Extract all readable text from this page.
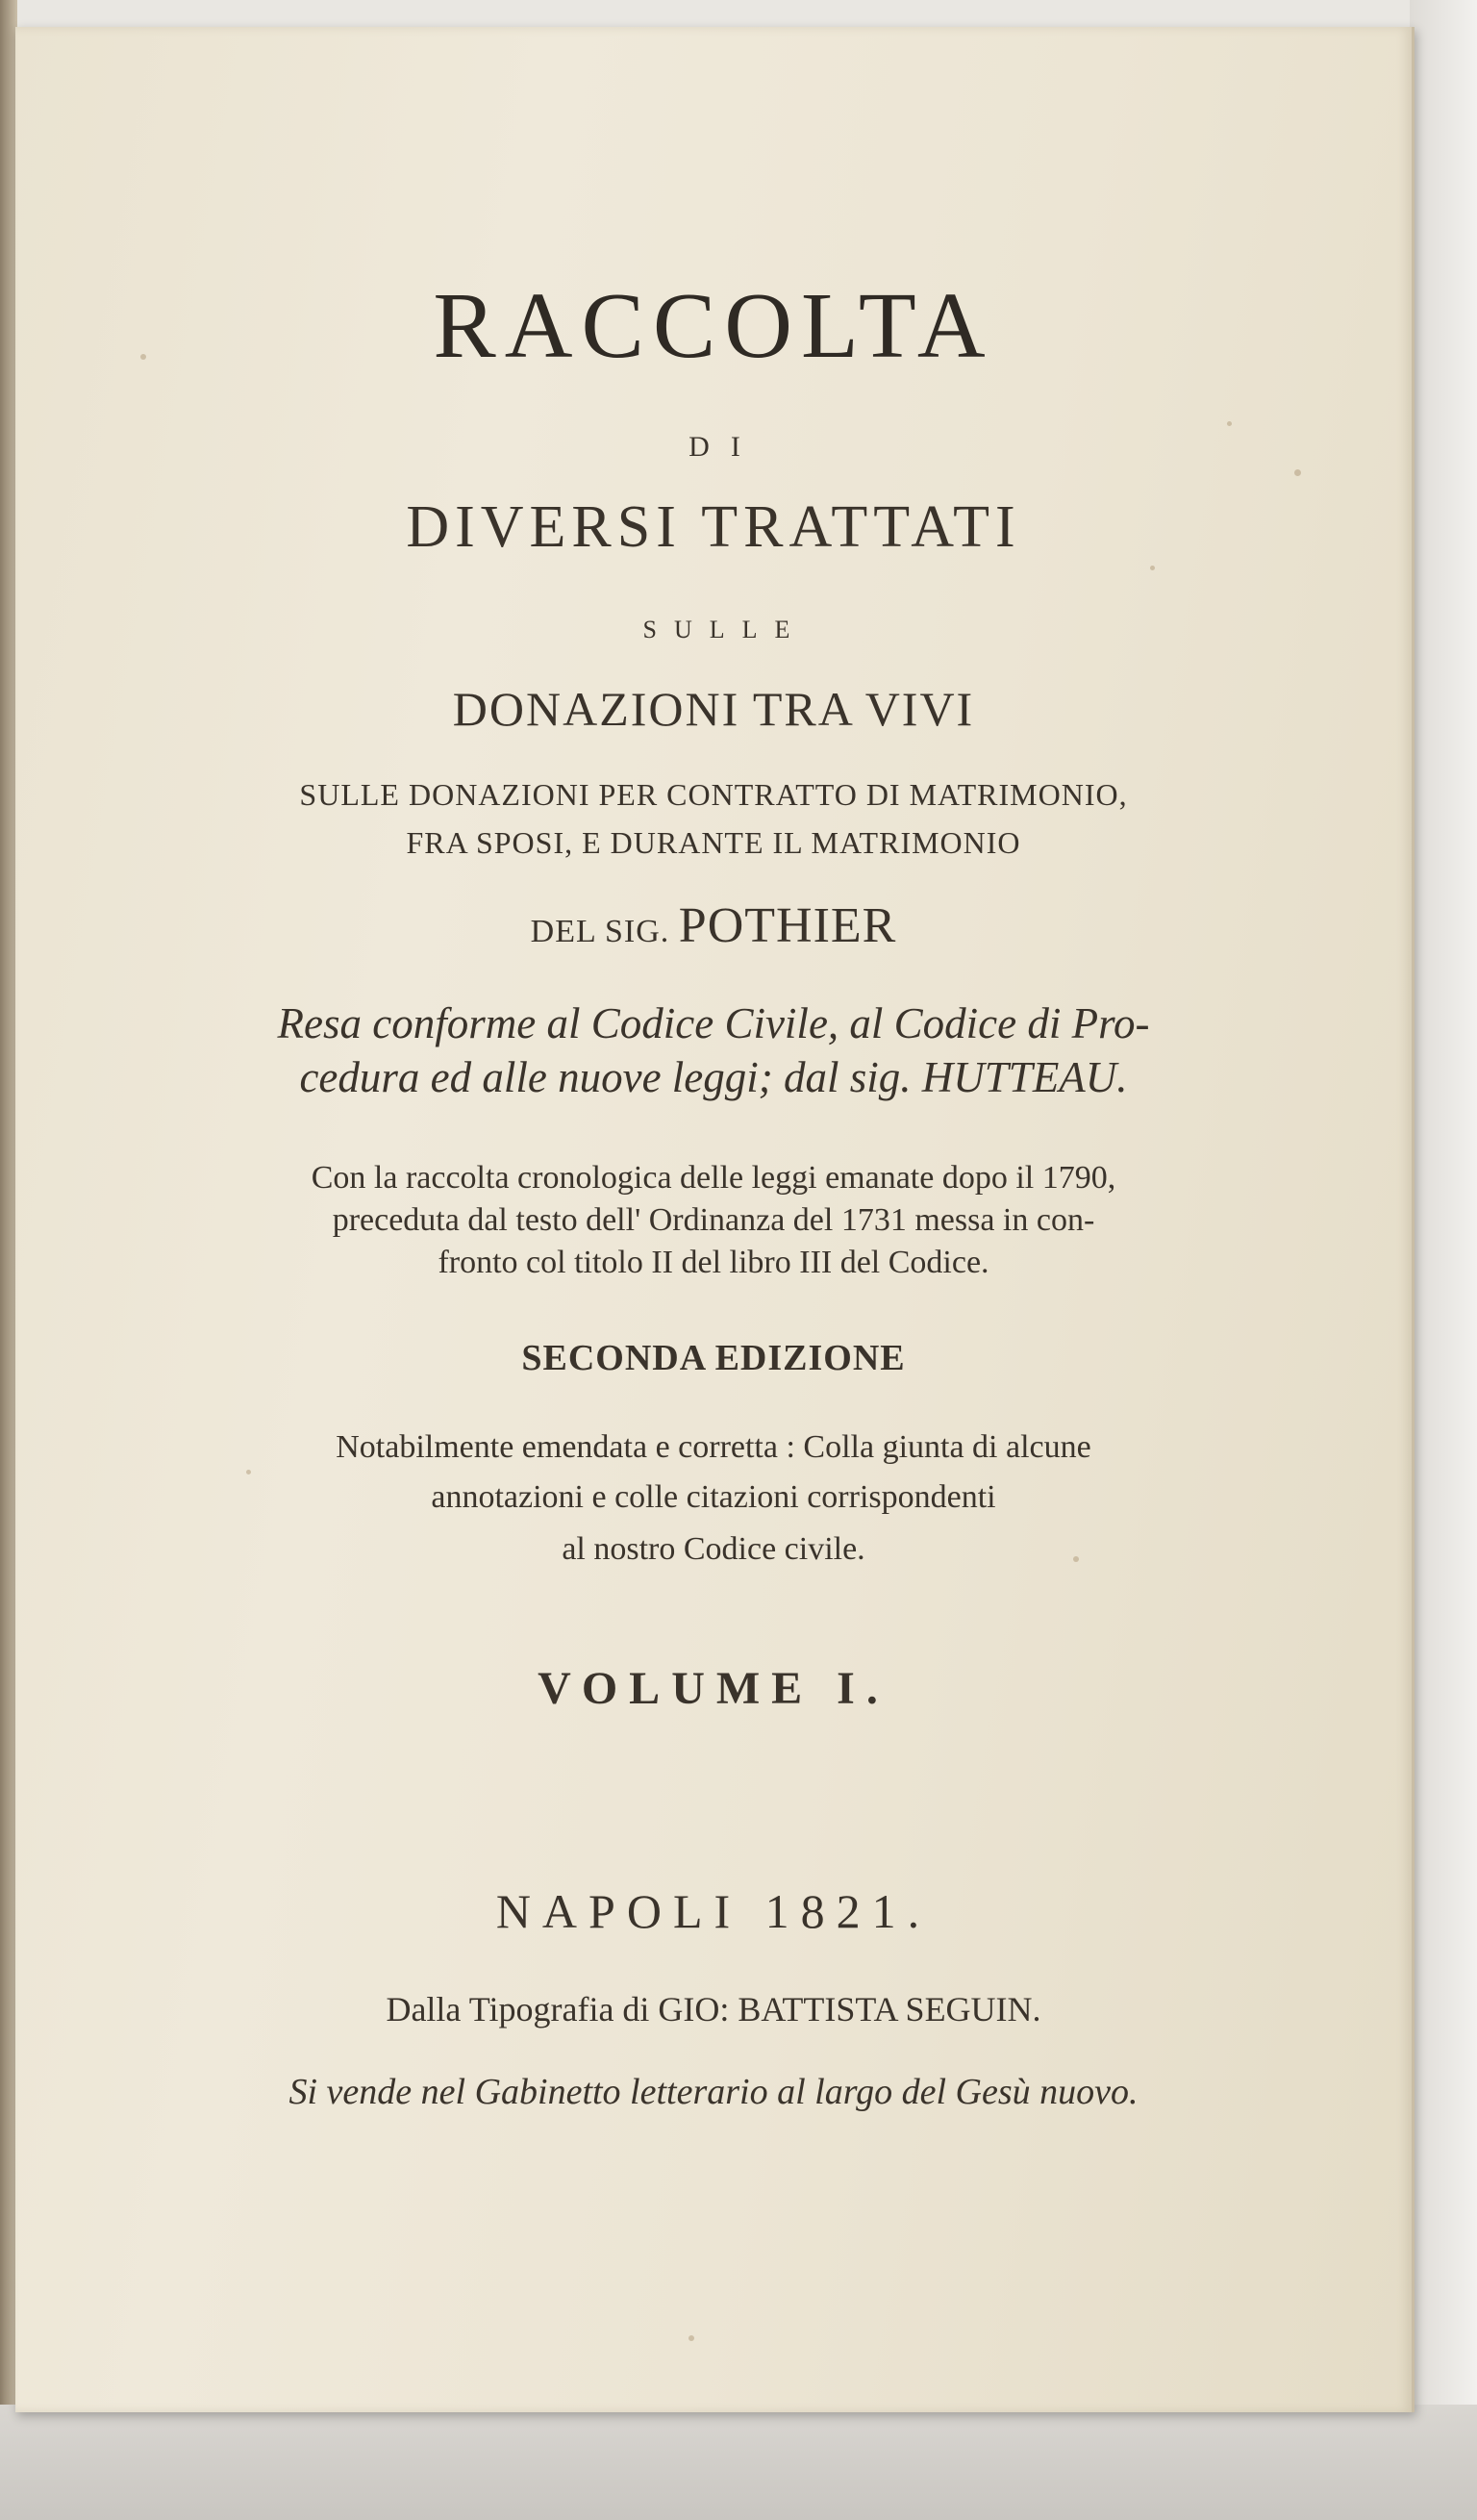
RACCOLTA
DI
DIVERSI TRATTATI
SULLE
DONAZIONI TRA VIVI
SULLE DONAZIONI PER CONTRATTO DI MATRIMONIO,
FRA SPOSI, E DURANTE IL MATRIMONIO
DEL SIG. POTHIER
Resa conforme al Codice Civile, al Codice di Pro-
cedura ed alle nuove leggi; dal sig. HUTTEAU.
Con la raccolta cronologica delle leggi emanate dopo il 1790,
preceduta dal testo dell' Ordinanza del 1731 messa in con-
fronto col titolo II del libro III del Codice.
SECONDA EDIZIONE
Notabilmente emendata e corretta : Colla giunta di alcune
annotazioni e colle citazioni corrispondenti
al nostro Codice civile.
VOLUME I.
NAPOLI 1821.
Dalla Tipografia di GIO: BATTISTA SEGUIN.
Si vende nel Gabinetto letterario al largo del Gesù nuovo.
